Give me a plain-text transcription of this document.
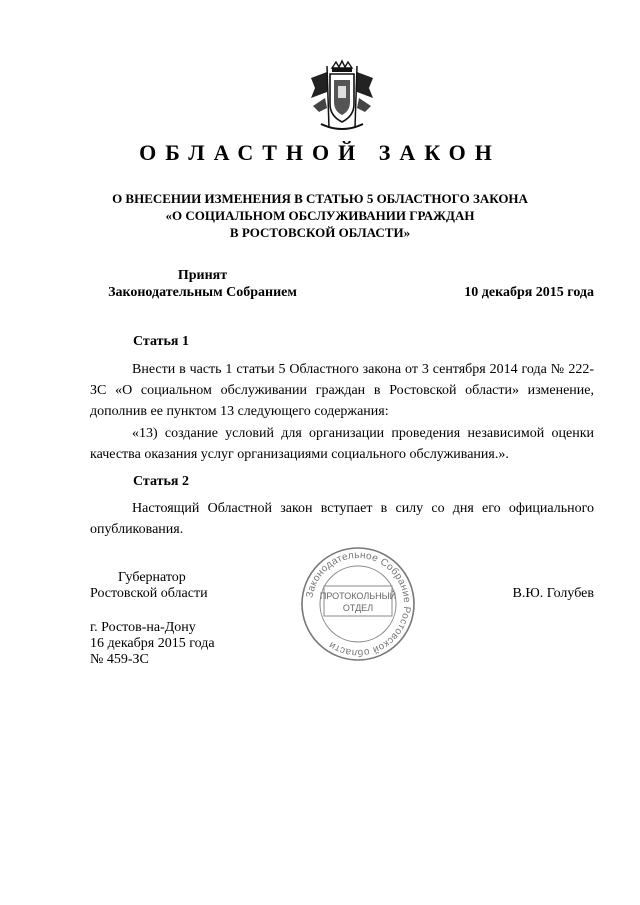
ОБЛАСТНОЙ ЗАКОН
О ВНЕСЕНИИ ИЗМЕНЕНИЯ В СТАТЬЮ 5 ОБЛАСТНОГО ЗАКОНА
«О СОЦИАЛЬНОМ ОБСЛУЖИВАНИИ ГРАЖДАН
В РОСТОВСКОЙ ОБЛАСТИ»
Принят
Законодательным Собранием	10 декабря 2015 года
Статья 1
Внести в часть 1 статьи 5 Областного закона от 3 сентября 2014 года № 222-ЗС «О социальном обслуживании граждан в Ростовской области» изменение, дополнив ее пунктом 13 следующего содержания:
«13) создание условий для организации проведения независимой оценки качества оказания услуг организациями социального обслуживания.».
Статья 2
Настоящий Областной закон вступает в силу со дня его официального опубликования.
Губернатор
Ростовской области	В.Ю. Голубев
г. Ростов-на-Дону
16 декабря 2015 года
№ 459-ЗС
Законодательное Собрание Ростовской области
ПРОТОКОЛЬНЫЙ
ОТДЕЛ
